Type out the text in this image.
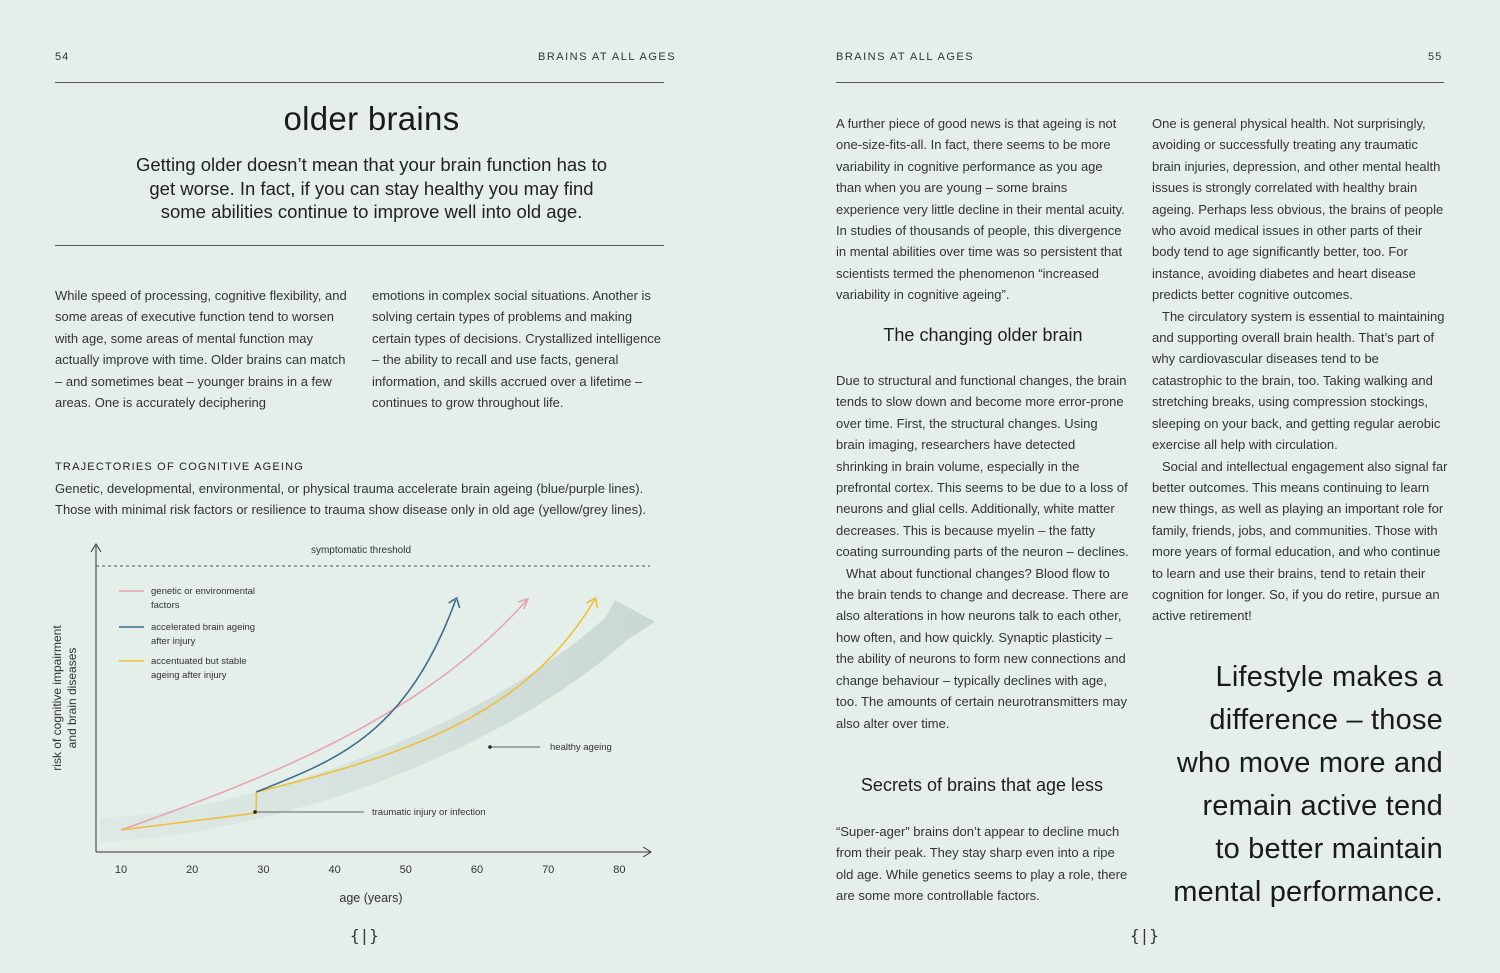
54	BRAINS AT ALL AGES
older brains
Getting older doesn’t mean that your brain function has to get worse. In fact, if you can stay healthy you may find some abilities continue to improve well into old age.

While speed of processing, cognitive flexibility, and some areas of executive function tend to worsen with age, some areas of mental function may actually improve with time. Older brains can match – and sometimes beat – younger brains in a few areas. One is accurately deciphering

emotions in complex social situations. Another is solving certain types of problems and making certain types of decisions. Crystallized intelligence – the ability to recall and use facts, general information, and skills accrued over a lifetime – continues to grow throughout life.

TRAJECTORIES OF COGNITIVE AGEING
Genetic, developmental, environmental, or physical trauma accelerate brain ageing (blue/purple lines). Those with minimal risk factors or resilience to trauma show disease only in old age (yellow/grey lines).
symptomatic threshold
10	20	30	40	50	60	70	80
risk of cognitive impairment and brain diseases
age (years)
genetic or environmental
factors
accelerated brain ageing
after injury
accentuated but stable
ageing after injury
healthy ageing
traumatic injury or infection
{|}
BRAINS AT ALL AGES	55

A further piece of good news is that ageing is not one-size-fits-all. In fact, there seems to be more variability in cognitive performance as you age than when you are young – some brains experience very little decline in their mental acuity. In studies of thousands of people, this divergence in mental abilities over time was so persistent that scientists termed the phenomenon “increased variability in cognitive ageing”.

The changing older brain

Due to structural and functional changes, the brain tends to slow down and become more error-prone over time. First, the structural changes. Using brain imaging, researchers have detected shrinking in brain volume, especially in the prefrontal cortex. This seems to be due to a loss of neurons and glial cells. Additionally, white matter decreases. This is because myelin – the fatty coating surrounding parts of the neuron – declines.

What about functional changes? Blood flow to the brain tends to change and decrease. There are also alterations in how neurons talk to each other, how often, and how quickly. Synaptic plasticity – the ability of neurons to form new connections and change behaviour – typically declines with age, too. The amounts of certain neurotransmitters may also alter over time.

Secrets of brains that age less

“Super-ager” brains don’t appear to decline much from their peak. They stay sharp even into a ripe old age. While genetics seems to play a role, there are some more controllable factors.

One is general physical health. Not surprisingly, avoiding or successfully treating any traumatic brain injuries, depression, and other mental health issues is strongly correlated with healthy brain ageing. Perhaps less obvious, the brains of people who avoid medical issues in other parts of their body tend to age significantly better, too. For instance, avoiding diabetes and heart disease predicts better cognitive outcomes.

The circulatory system is essential to maintaining and supporting overall brain health. That’s part of why cardiovascular diseases tend to be catastrophic to the brain, too. Taking walking and stretching breaks, using compression stockings, sleeping on your back, and getting regular aerobic exercise all help with circulation.

Social and intellectual engagement also signal far better outcomes. This means continuing to learn new things, as well as playing an important role for family, friends, jobs, and communities. Those with more years of formal education, and who continue to learn and use their brains, tend to retain their cognition for longer. So, if you do retire, pursue an active retirement!

Lifestyle makes a
difference – those
who move more and
remain active tend
to better maintain
mental performance.
{|}
